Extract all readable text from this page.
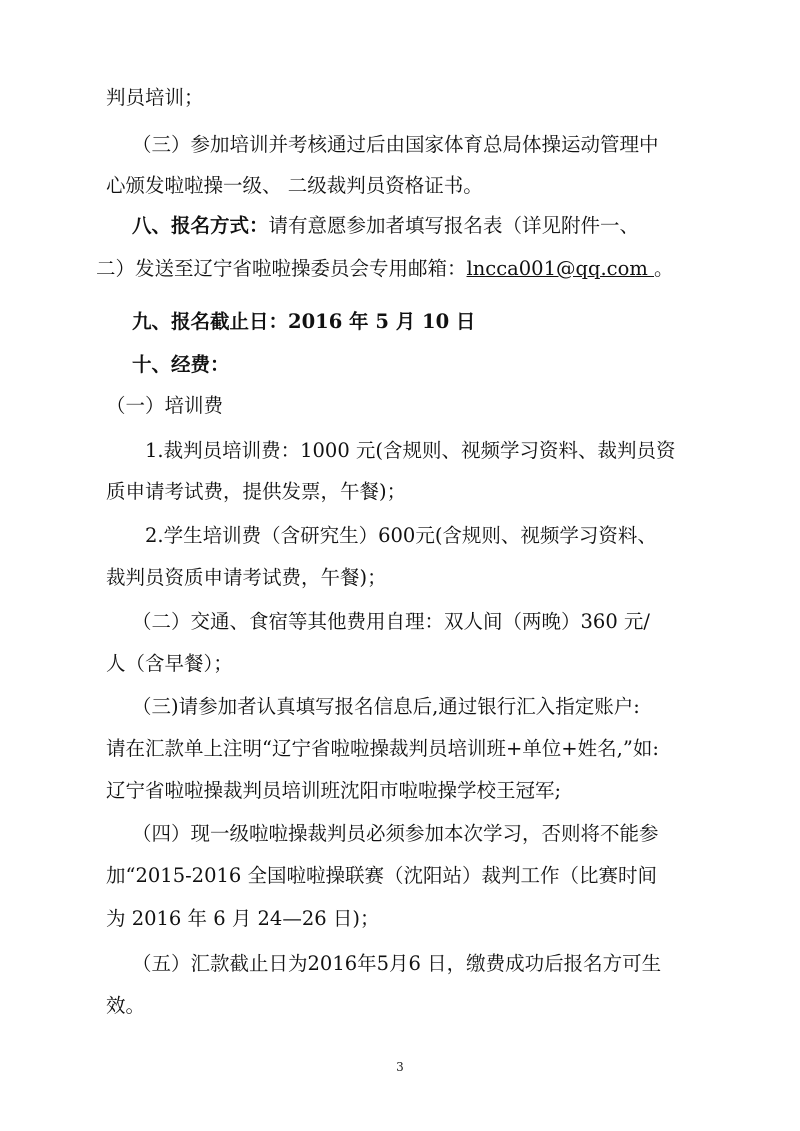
判员培训；
（三）参加培训并考核通过后由国家体育总局体操运动管理中
心颁发啦啦操一级、 二级裁判员资格证书。
八、报名方式：请有意愿参加者填写报名表（详见附件一、
二）发送至辽宁省啦啦操委员会专用邮箱：lncca001@qq.com 。
九、报名截止日：2016 年 5 月 10 日
十、经费：
（一）培训费
1.裁判员培训费：1000 元(含规则、视频学习资料、裁判员资
质申请考试费，提供发票，午餐)；
2.学生培训费（含研究生）600元(含规则、视频学习资料、
裁判员资质申请考试费，午餐)；
（二）交通、食宿等其他费用自理：双人间（两晚）360 元/
人（含早餐）；
（三)请参加者认真填写报名信息后,通过银行汇入指定账户:
请在汇款单上注明“辽宁省啦啦操裁判员培训班+单位+姓名,”如:
辽宁省啦啦操裁判员培训班沈阳市啦啦操学校王冠军;
（四）现一级啦啦操裁判员必须参加本次学习，否则将不能参
加“2015-2016 全国啦啦操联赛（沈阳站）裁判工作（比赛时间
为 2016 年 6 月 24—26 日)；
（五）汇款截止日为2016年5月6 日，缴费成功后报名方可生
效。
3
